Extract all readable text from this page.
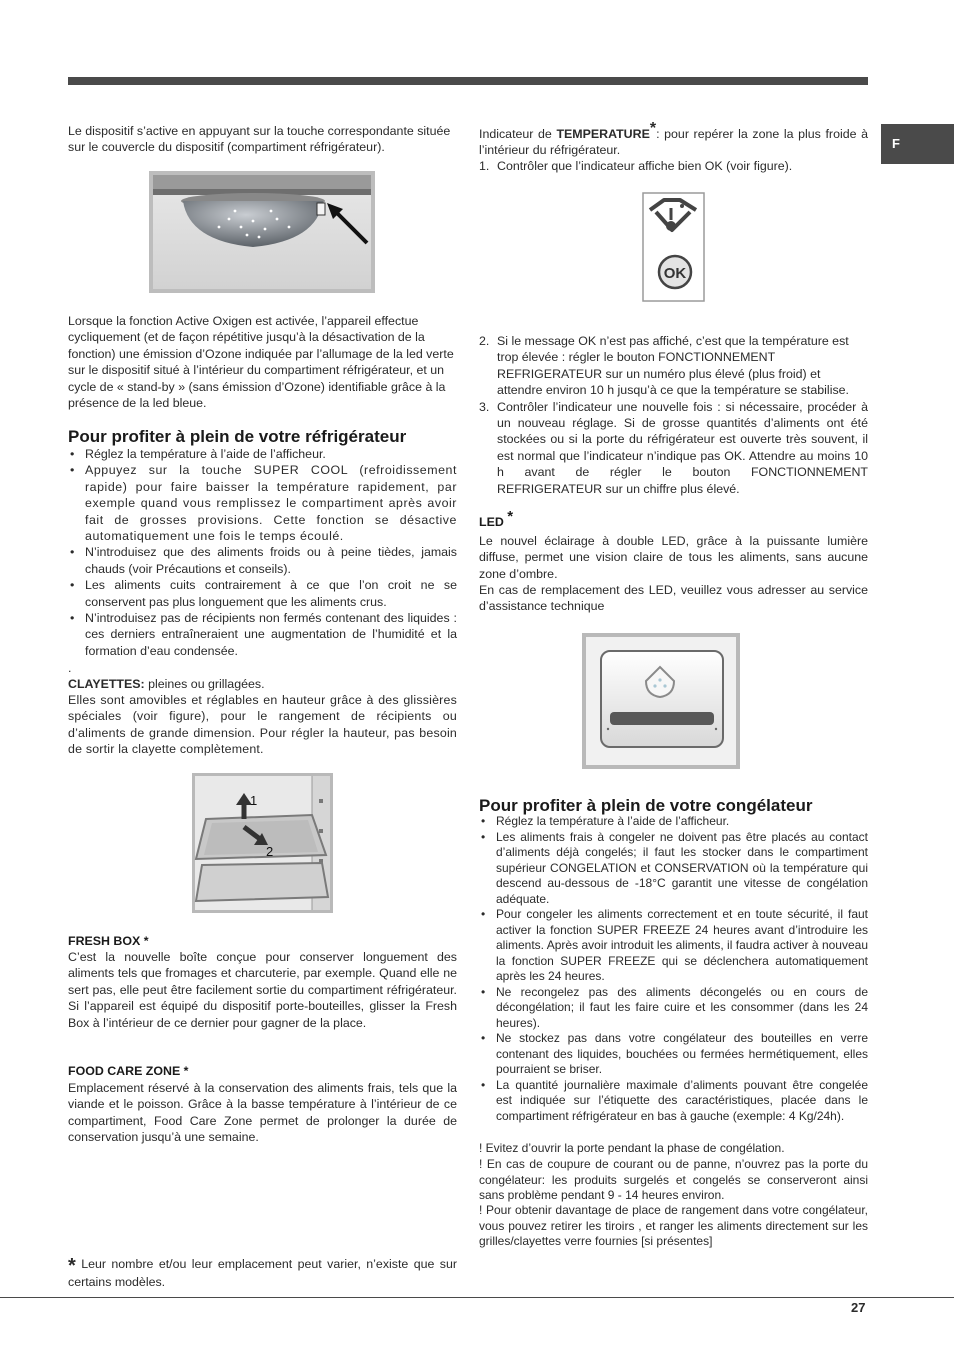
F

Le dispositif s’active en appuyant sur la touche correspondante située sur le couvercle du dispositif (compartiment réfrigérateur).

Lorsque la fonction Active Oxigen est activée, l’appareil effectue cycliquement (et de façon répétitive jusqu’à la désactivation de la fonction) une émission d’Ozone indiquée par l’allumage de la led verte sur le dispositif situé à l’intérieur du compartiment réfrigérateur, et un cycle de « stand-by » (sans émission d’Ozone) identifiable grâce à la présence de la led bleue.

Pour profiter à plein de votre réfrigérateur
• Réglez la température à l’aide de l’afficheur.
• Appuyez sur la touche SUPER COOL (refroidissement rapide) pour faire baisser la température rapidement, par exemple quand vous remplissez le compartiment après avoir fait de grosses provisions. Cette fonction se désactive automatiquement une fois le temps écoulé.
• N’introduisez que des aliments froids ou à peine tièdes, jamais chauds (voir Précautions et conseils).
• Les aliments cuits contrairement à ce que l’on croit ne se conservent pas plus longuement que les aliments crus.
• N’introduisez pas de récipients non fermés contenant des liquides : ces derniers entraîneraient une augmentation de l’humidité et la formation d’eau condensée.

.

CLAYETTES: pleines ou grillagées.

Elles sont amovibles et réglables en hauteur grâce à des glissières spéciales (voir figure), pour le rangement de récipients ou d’aliments de grande dimension. Pour régler la hauteur, pas besoin de sortir la clayette complètement.

1
2
FRESH BOX *

C’est la nouvelle boîte conçue pour conserver longuement des aliments tels que fromages et charcuterie, par exemple. Quand elle ne sert pas, elle peut être facilement sortie du compartiment réfrigérateur. Si l’appareil est équipé du dispositif porte-bouteilles, glisser la Fresh Box à l’intérieur de ce dernier pour gagner de la place.

FOOD CARE ZONE *

Emplacement réservé à la conservation des aliments frais, tels que la viande et le poisson. Grâce à la basse température à l’intérieur de ce compartiment, Food Care Zone permet de prolonger la durée de conservation jusqu’à une semaine.

* Leur nombre et/ou leur emplacement peut varier, n’existe que sur certains modèles.

Indicateur de TEMPERATURE*: pour repérer la zone la plus froide à l’intérieur du réfrigérateur.

1. Contrôler que l’indicateur affiche bien OK (voir figure).
OK
2. Si le message OK n’est pas affiché, c’est que la température est trop élevée : régler le bouton FONCTIONNEMENT REFRIGERATEUR sur un numéro plus élevé (plus froid) et attendre environ 10 h jusqu’à ce que la température se stabilise.
3. Contrôler l’indicateur une nouvelle fois : si nécessaire, procéder à un nouveau réglage. Si de grosse quantités d’aliments ont été stockées ou si la porte du réfrigérateur est ouverte très souvent, il est normal que l’indicateur n’indique pas OK. Attendre au moins 10 h avant de régler le bouton FONCTIONNEMENT REFRIGERATEUR sur un chiffre plus élevé.
LED *

Le nouvel éclairage à double LED, grâce à la puissante lumière diffuse, permet une vision claire de tous les aliments, sans aucune zone d’ombre.

En cas de remplacement des LED, veuillez vous adresser au service d’assistance technique

Pour profiter à plein de votre congélateur
• Réglez la température à l’aide de l’afficheur.
• Les aliments frais à congeler ne doivent pas être placés au contact d’aliments déjà congelés; il faut les stocker dans le compartiment supérieur CONGELATION et CONSERVATION où la température qui descend au-dessous de -18°C garantit une vitesse de congélation adéquate.
• Pour congeler les aliments correctement et en toute sécurité, il faut activer la fonction SUPER FREEZE 24 heures avant d’introduire les aliments. Après avoir introduit les aliments, il faudra activer à nouveau la fonction SUPER FREEZE qui se déclenchera automatiquement après les 24 heures.
• Ne recongelez pas des aliments décongelés ou en cours de décongélation; il faut les faire cuire et les consommer (dans les 24 heures).
• Ne stockez pas dans votre congélateur des bouteilles en verre contenant des liquides, bouchées ou fermées hermétiquement, elles pourraient se briser.
• La quantité journalière maximale d’aliments pouvant être congelée est indiquée sur l’étiquette des caractéristiques, placée dans le compartiment réfrigérateur en bas à gauche (exemple: 4 Kg/24h).

! Evitez d’ouvrir la porte pendant la phase de congélation.

! En cas de coupure de courant ou de panne, n’ouvrez pas la porte du congélateur: les produits surgelés et congelés se conserveront ainsi sans problème pendant 9 - 14 heures environ.

! Pour obtenir davantage de place de rangement dans votre congélateur, vous pouvez retirer les tiroirs , et ranger les aliments directement sur les grilles/clayettes verre fournies [si présentes]

27
